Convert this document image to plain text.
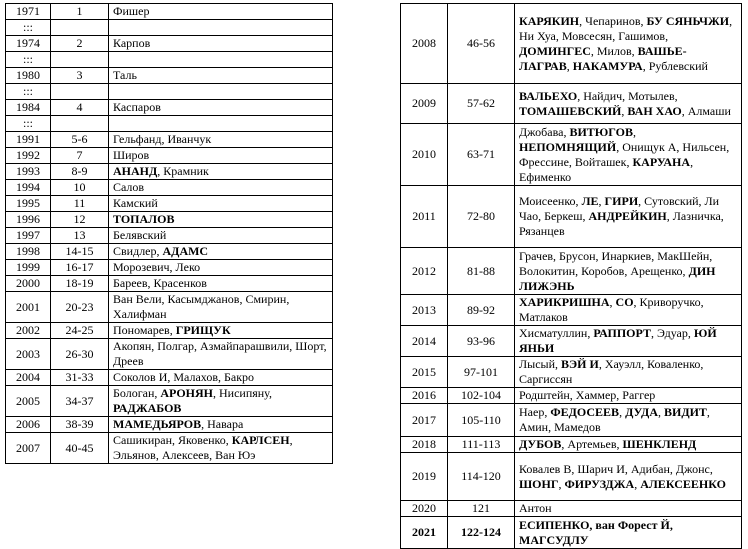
1971	1	Фишер
:::		
1974	2	Карпов
:::		
1980	3	Таль
:::		
1984	4	Каспаров
:::		
1991	5-6	Гельфанд, Иванчук
1992	7	Широв
1993	8-9	АНАНД, Крамник
1994	10	Салов
1995	11	Камский
1996	12	ТОПАЛОВ
1997	13	Белявский
1998	14-15	Свидлер, АДАМС
1999	16-17	Морозевич, Леко
2000	18-19	Бареев, Красенков
2001	20-23	Ван Вели, Касымджанов, Смирин, Халифман
2002	24-25	Пономарев, ГРИЩУК
2003	26-30	Акопян, Полгар, Азмайпарашвили, Шорт, Дреев
2004	31-33	Соколов И, Малахов, Бакро
2005	34-37	Бологан, АРОНЯН, Нисипяну, РАДЖАБОВ
2006	38-39	МАМЕДЬЯРОВ, Навара
2007	40-45	Сашикиран, Яковенко, КАРЛСЕН, Эльянов, Алексеев, Ван Юэ
2008	46-56	КАРЯКИН, Чепаринов, БУ СЯНЬЧЖИ, Ни Хуа, Мовсесян, Гашимов, ДОМИНГЕС, Милов, ВАШЬЕ-ЛАГРАВ, НАКАМУРА, Рублевский
2009	57-62	ВАЛЬЕХО, Найдич, Мотылев, ТОМАШЕВСКИЙ, ВАН ХАО, Алмаши
2010	63-71	Джобава, ВИТЮГОВ, НЕПОМНЯЩИЙ, Онищук А, Нильсен, Фрессине, Войташек, КАРУАНА, Ефименко
2011	72-80	Моисеенко, ЛЕ, ГИРИ, Сутовский, Ли Чао, Беркеш, АНДРЕЙКИН, Лазничка, Рязанцев
2012	81-88	Грачев, Брусон, Инаркиев, МакШейн, Волокитин, Коробов, Арещенко, ДИН ЛИЖЭНЬ
2013	89-92	ХАРИКРИШНА, СО, Криворучко, Матлаков
2014	93-96	Хисматуллин, РАППОРТ, Эдуар, ЮЙ ЯНЬИ
2015	97-101	Лысый, ВЭЙ И, Хауэлл, Коваленко, Саргиссян
2016	102-104	Родштейн, Хаммер, Раггер
2017	105-110	Наер, ФЕДОСЕЕВ, ДУДА, ВИДИТ, Амин, Мамедов
2018	111-113	ДУБОВ, Артемьев, ШЕНКЛЕНД
2019	114-120	Ковалев В, Шарич И, Адибан, Джонс, ШОНГ, ФИРУЗДЖА, АЛЕКСЕЕНКО
2020	121	Антон
2021	122-124	ЕСИПЕНКО, ван Форест Й, МАГСУДЛУ
